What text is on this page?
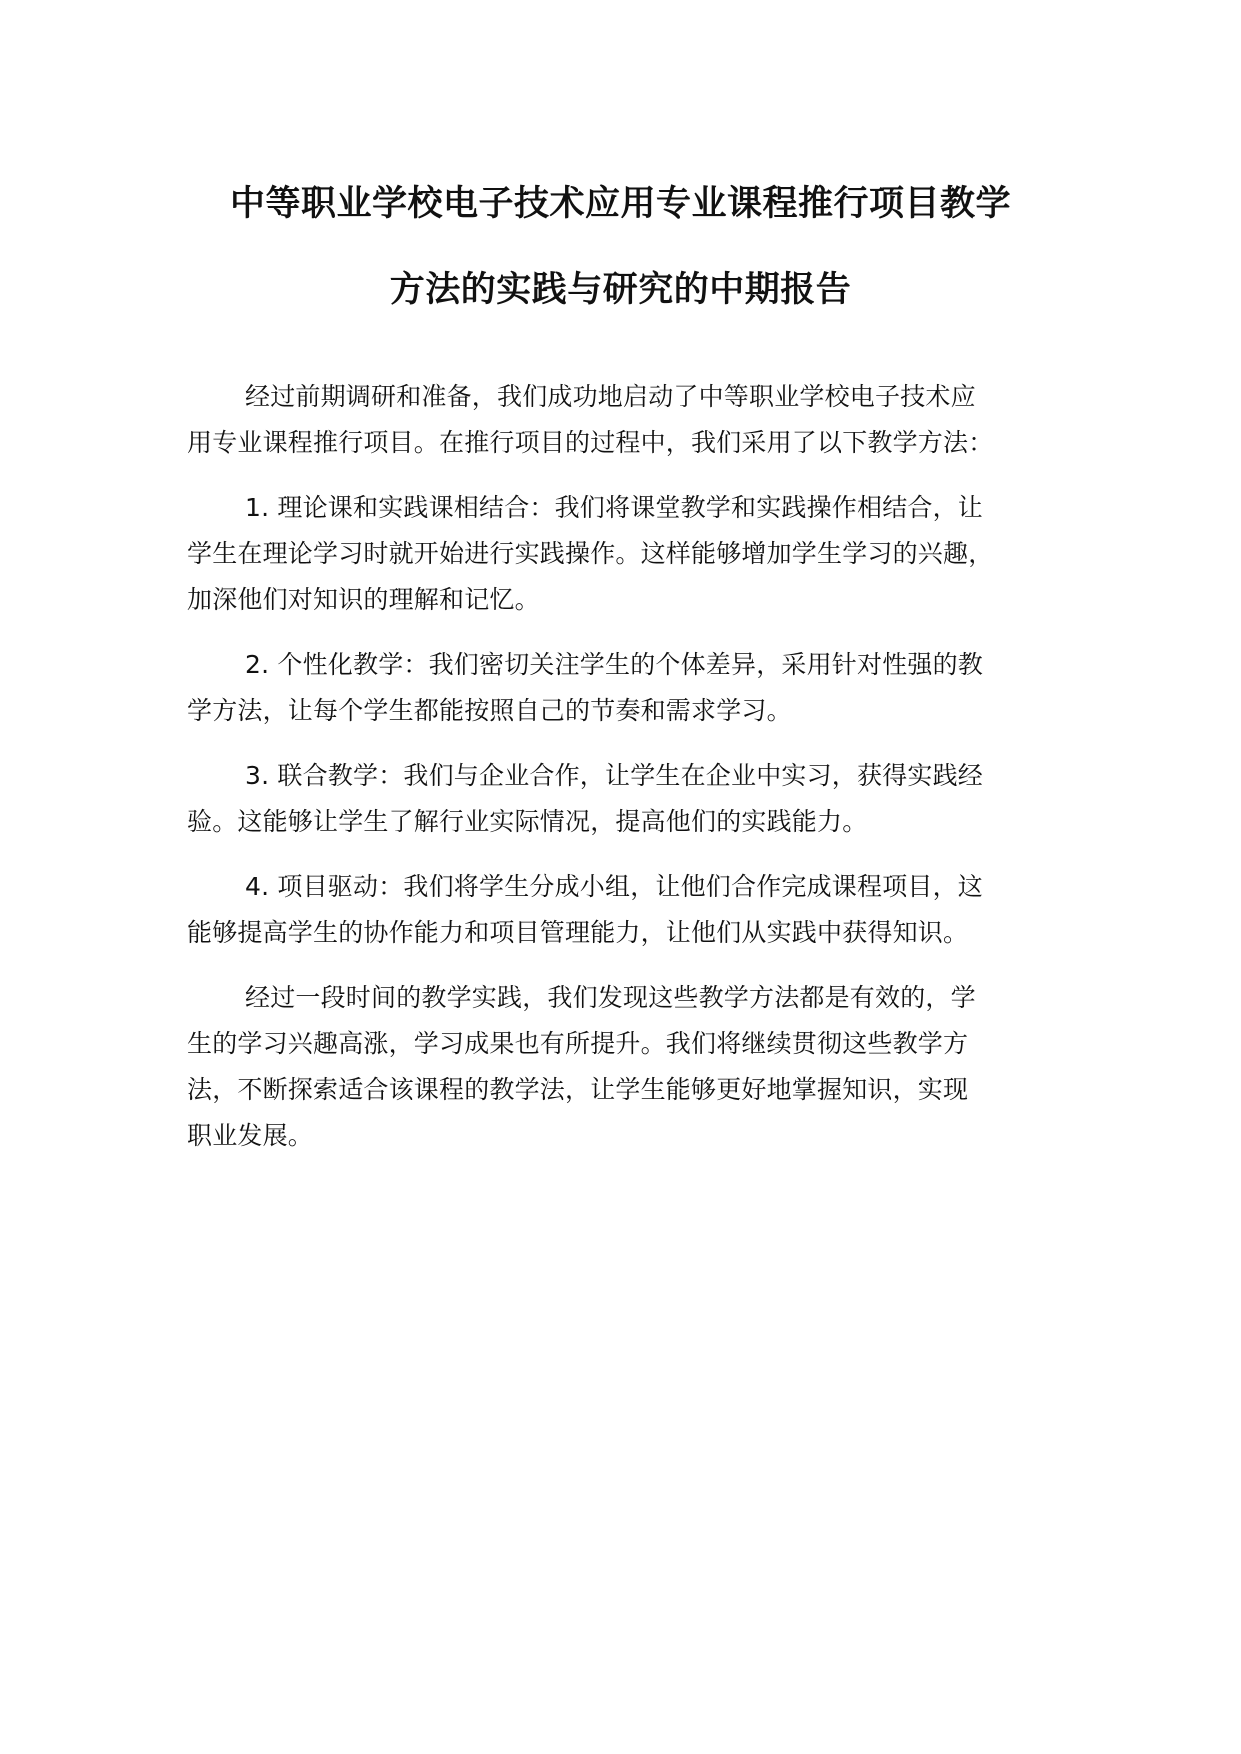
中等职业学校电子技术应用专业课程推行项目教学
方法的实践与研究的中期报告
经过前期调研和准备，我们成功地启动了中等职业学校电子技术应
用专业课程推行项目。在推行项目的过程中，我们采用了以下教学方法：
1. 理论课和实践课相结合：我们将课堂教学和实践操作相结合，让
学生在理论学习时就开始进行实践操作。这样能够增加学生学习的兴趣，
加深他们对知识的理解和记忆。
2. 个性化教学：我们密切关注学生的个体差异，采用针对性强的教
学方法，让每个学生都能按照自己的节奏和需求学习。
3. 联合教学：我们与企业合作，让学生在企业中实习，获得实践经
验。这能够让学生了解行业实际情况，提高他们的实践能力。
4. 项目驱动：我们将学生分成小组，让他们合作完成课程项目，这
能够提高学生的协作能力和项目管理能力，让他们从实践中获得知识。
经过一段时间的教学实践，我们发现这些教学方法都是有效的，学
生的学习兴趣高涨，学习成果也有所提升。我们将继续贯彻这些教学方
法，不断探索适合该课程的教学法，让学生能够更好地掌握知识，实现
职业发展。
